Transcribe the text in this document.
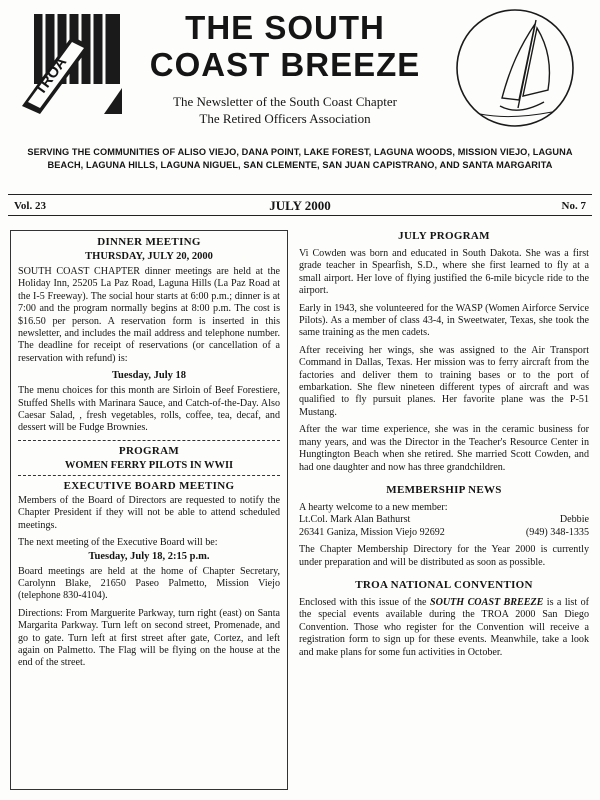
TROA
THE SOUTH
COAST BREEZE
The Newsletter of the South Coast Chapter
The Retired Officers Association
SERVING THE COMMUNITIES OF ALISO VIEJO, DANA POINT, LAKE FOREST, LAGUNA WOODS, MISSION VIEJO, LAGUNA BEACH, LAGUNA HILLS, LAGUNA NIGUEL, SAN CLEMENTE, SAN JUAN CAPISTRANO, AND SANTA MARGARITA
Vol. 23	JULY 2000	No. 7
DINNER MEETING
THURSDAY, JULY 20, 2000

SOUTH COAST CHAPTER dinner meetings are held at the Holiday Inn, 25205 La Paz Road, Laguna Hills (La Paz Road at the I-5 Freeway). The social hour starts at 6:00 p.m.; dinner is at 7:00 and the program normally begins at 8:00 p.m. The cost is $16.50 per person. A reservation form is inserted in this newsletter, and includes the mail address and telephone number. The deadline for receipt of reservations (or cancellation of a reservation with refund) is:

Tuesday, July 18

The menu choices for this month are Sirloin of Beef Forestiere, Stuffed Shells with Marinara Sauce, and Catch-of-the-Day. Also Caesar Salad, , fresh vegetables, rolls, coffee, tea, decaf, and dessert will be Fudge Brownies.

PROGRAM
WOMEN FERRY PILOTS IN WWII
EXECUTIVE BOARD MEETING

Members of the Board of Directors are requested to notify the Chapter President if they will not be able to attend scheduled meetings.

The next meeting of the Executive Board will be:

Tuesday, July 18, 2:15 p.m.

Board meetings are held at the home of Chapter Secretary, Carolynn Blake, 21650 Paseo Palmetto, Mission Viejo (telephone 830-4104).

Directions: From Marguerite Parkway, turn right (east) on Santa Margarita Parkway. Turn left on second street, Promenade, and go to gate. Turn left at first street after gate, Cortez, and left again on Palmetto. The Flag will be flying on the house at the end of the street.

JULY PROGRAM

Vi Cowden was born and educated in South Dakota. She was a first grade teacher in Spearfish, S.D., where she first learned to fly at a small airport. Her love of flying justified the 6-mile bicycle ride to the airport.

Early in 1943, she volunteered for the WASP (Women Airforce Service Pilots). As a member of class 43-4, in Sweetwater, Texas, she took the same training as the men cadets.

After receiving her wings, she was assigned to the Air Transport Command in Dallas, Texas. Her mission was to ferry aircraft from the factories and deliver them to training bases or to the port of embarkation. She flew nineteen different types of aircraft and was qualified to fly pursuit planes. Her favorite plane was the P-51 Mustang.

After the war time experience, she was in the ceramic business for many years, and was the Director in the Teacher's Resource Center in Hungtington Beach when she retired. She married Scott Cowden, and had one daughter and now has three grandchildren.

MEMBERSHIP NEWS
A hearty welcome to a new member:
Lt.Col. Mark Alan Bathurst	Debbie
26341 Ganiza, Mission Viejo 92692	(949) 348-1335

The Chapter Membership Directory for the Year 2000 is currently under preparation and will be distributed as soon as possible.

TROA NATIONAL CONVENTION

Enclosed with this issue of the SOUTH COAST BREEZE is a list of the special events available during the TROA 2000 San Diego Convention. Those who register for the Convention will receive a registration form to sign up for these events. Meanwhile, take a look and make plans for some fun activities in October.
